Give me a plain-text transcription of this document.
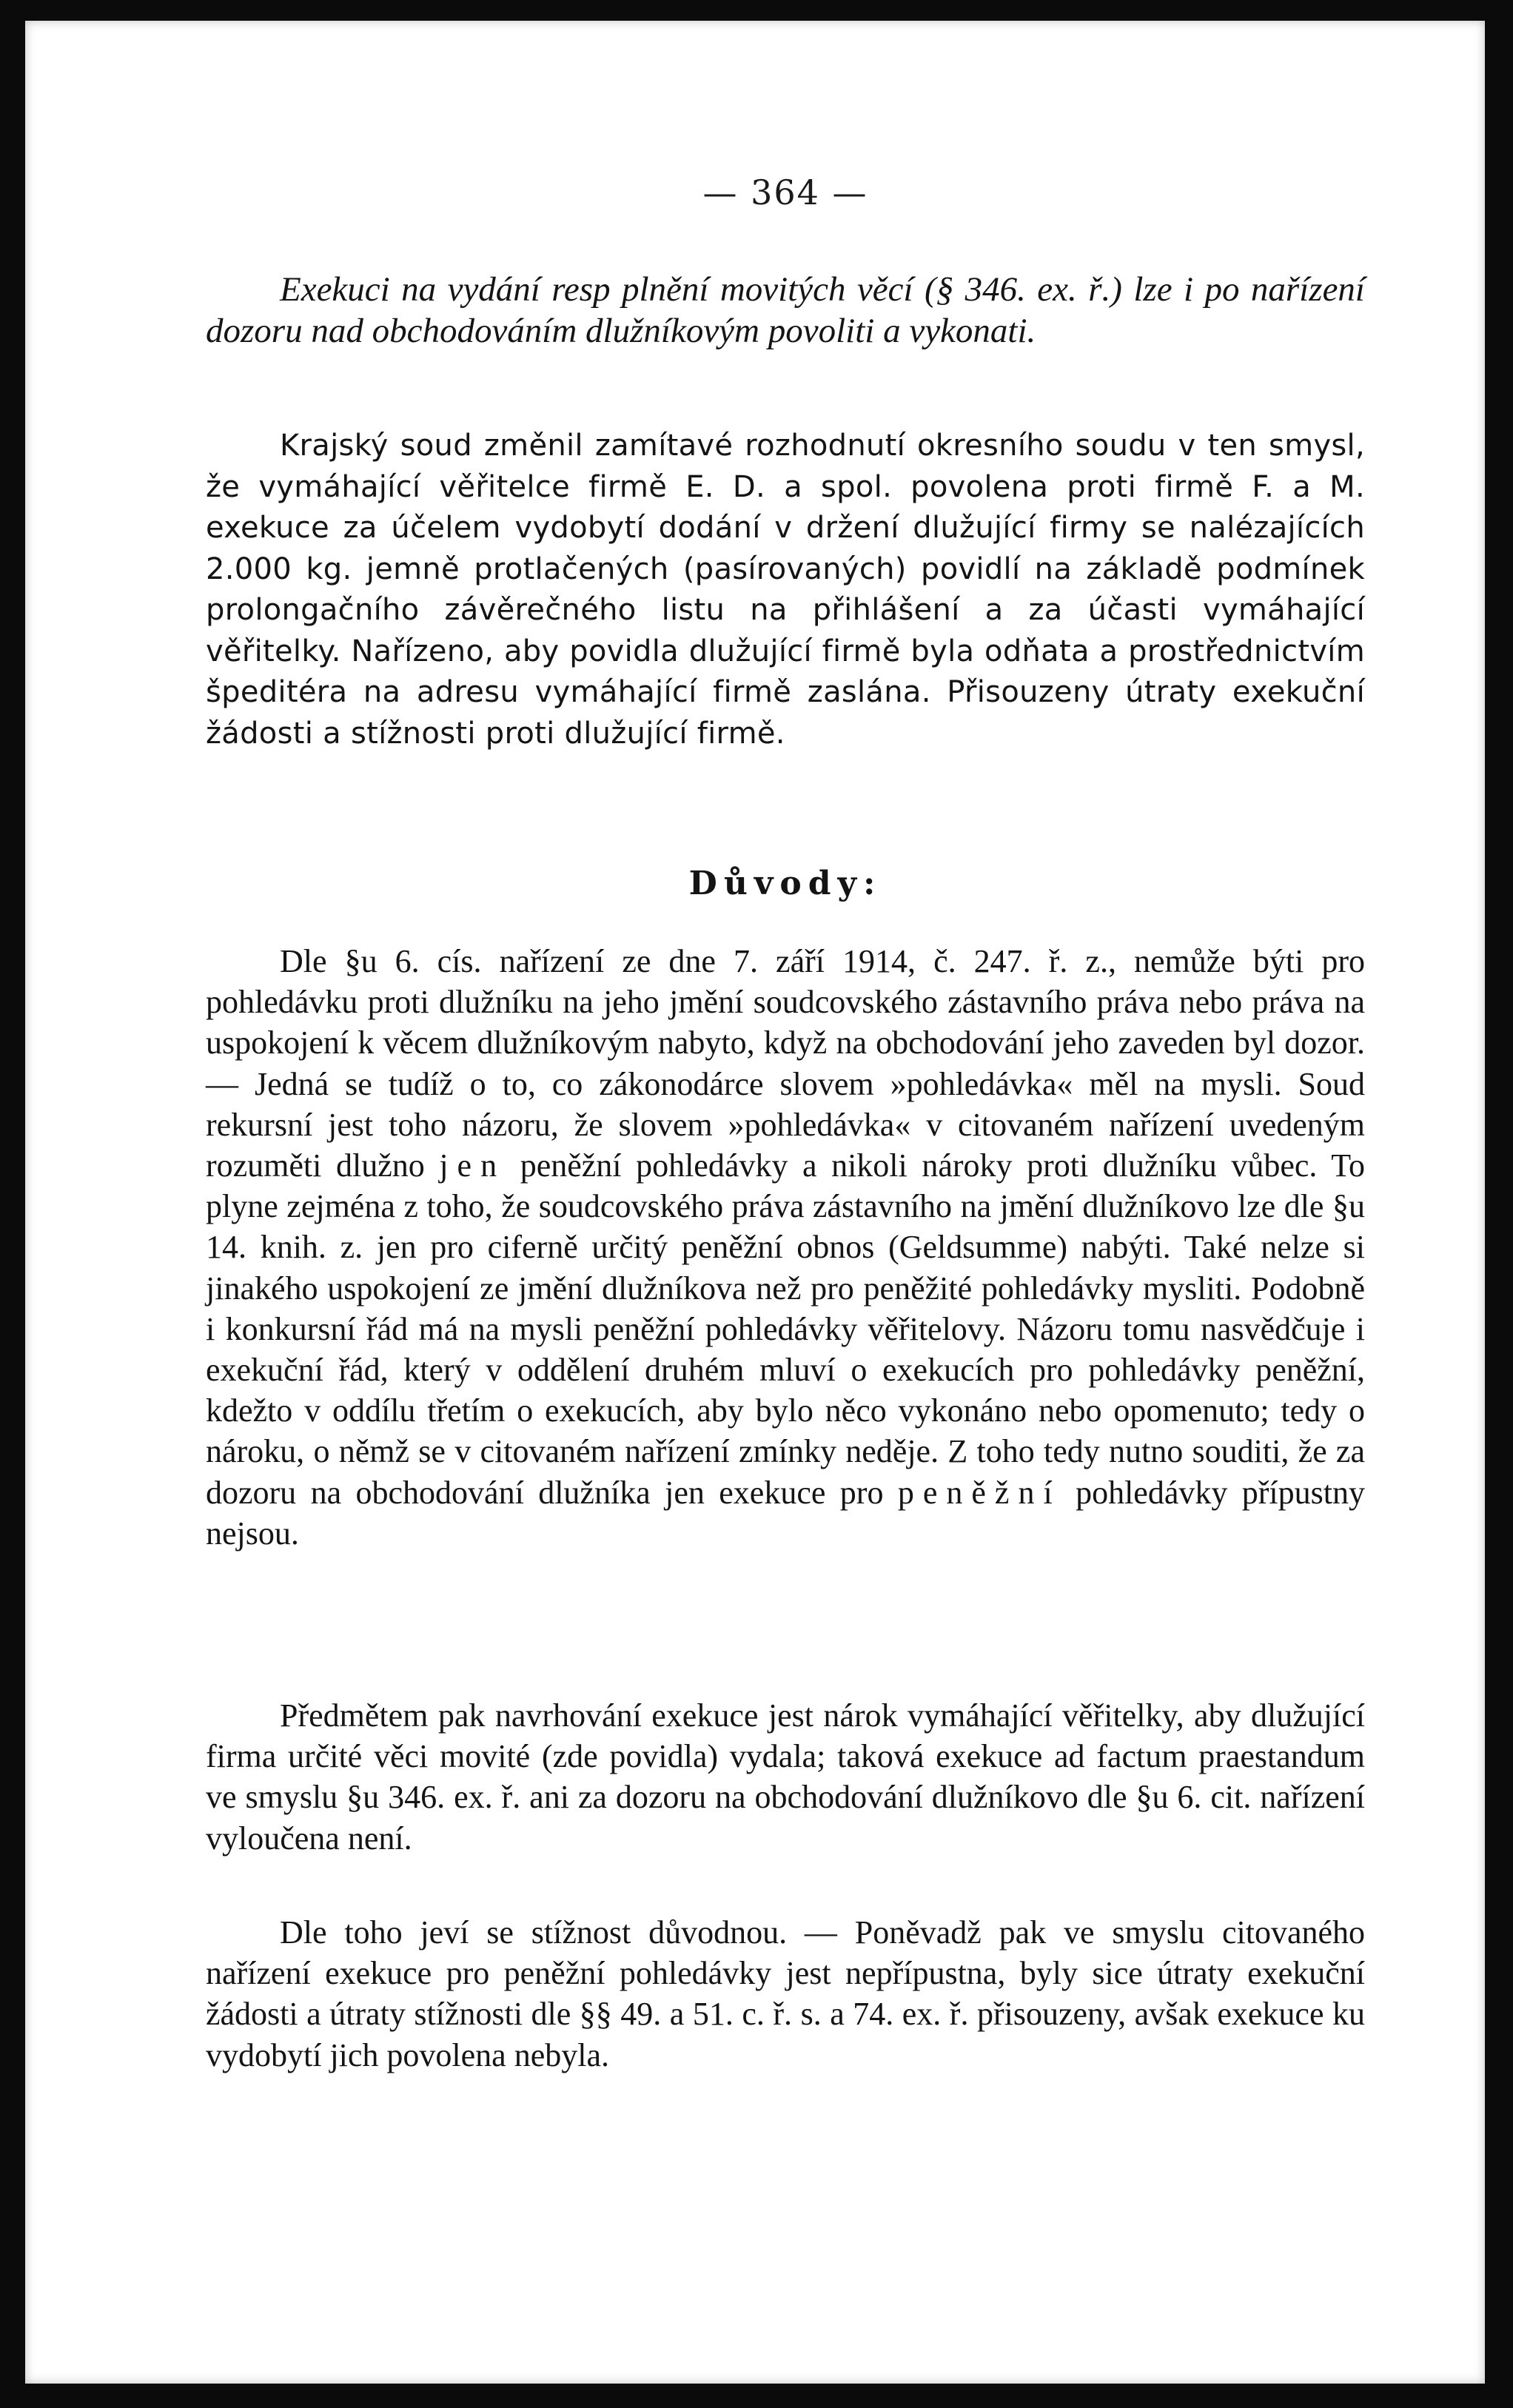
— 364 —

Exekuci na vydání resp plnění movitých věcí (§ 346. ex. ř.) lze i po nařízení dozoru nad obchodováním dlužníkovým povoliti a vykonati.

Krajský soud změnil zamítavé rozhodnutí okresního soudu v ten smysl, že vymáhající věřitelce firmě E. D. a spol. povolena proti firmě F. a M. exekuce za účelem vydobytí dodání v držení dlužující firmy se nalézajících 2.000 kg. jemně protlačených (pasírovaných) povidlí na základě podmínek prolongačního závěrečného listu na přihlášení a za účasti vymáhající věřitelky. Nařízeno, aby povidla dlužující firmě byla odňata a prostřednictvím šped‌itéra na adresu vymáhající firmě zaslána. Přisouzeny útraty exekuční žádosti a stížnosti proti dlužující firmě.

Důvody:

Dle §u 6. cís. nařízení ze dne 7. září 1914, č. 247. ř. z., nemůže býti pro pohledávku proti dlužníku na jeho jmění soudcovského zástavního práva nebo práva na uspokojení k věcem dlužníkovým nabyto, když na obchodování jeho zaveden byl dozor. — Jedná se tudíž o to, co zákonodárce slovem »pohledávka« měl na mysli. Soud rekursní jest toho názoru, že slovem »pohledávka« v citovaném nařízení uvedeným rozuměti dlužno jen peněžní pohledávky a nikoli nároky proti dlužníku vůbec. To plyne zejména z toho, že soudcovského práva zástavního na jmění dlužníkovo lze dle §u 14. knih. z. jen pro ciferně určitý peněžní obnos (Geldsumme) nabýti. Také nelze si jinakého uspokojení ze jmění dlužníkova než pro peněžité pohledávky mysliti. Podobně i konkursní řád má na mysli peněžní pohledávky věřitelovy. Názoru tomu nasvědčuje i exekuční řád, který v oddělení druhém mluví o exekucích pro pohledávky peněžní, kdežto v oddílu třetím o exekucích, aby bylo něco vykonáno nebo opomenuto; tedy o nároku, o němž se v citovaném nařízení zmínky neděje. Z toho tedy nutno souditi, že za dozoru na obchodování dlužníka jen exekuce pro peněžní pohledávky přípustny nejsou.

Předmětem pak navrhování exekuce jest nárok vymáhající věřitelky, aby dlužující firma určité věci movité (zde povidla) vydala; taková exekuce ad factum praestandum ve smyslu §u 346. ex. ř. ani za dozoru na obchodování dlužníkovo dle §u 6. cit. nařízení vyloučena není.

Dle toho jeví se stížnost důvodnou. — Poněvadž pak ve smyslu citovaného nařízení exekuce pro peněžní pohledávky jest nepřípustna, byly sice útraty exekuční žádosti a útraty stížnosti dle §§ 49. a 51. c. ř. s. a 74. ex. ř. přisouzeny, avšak exekuce ku vydobytí jich povolena nebyla.
